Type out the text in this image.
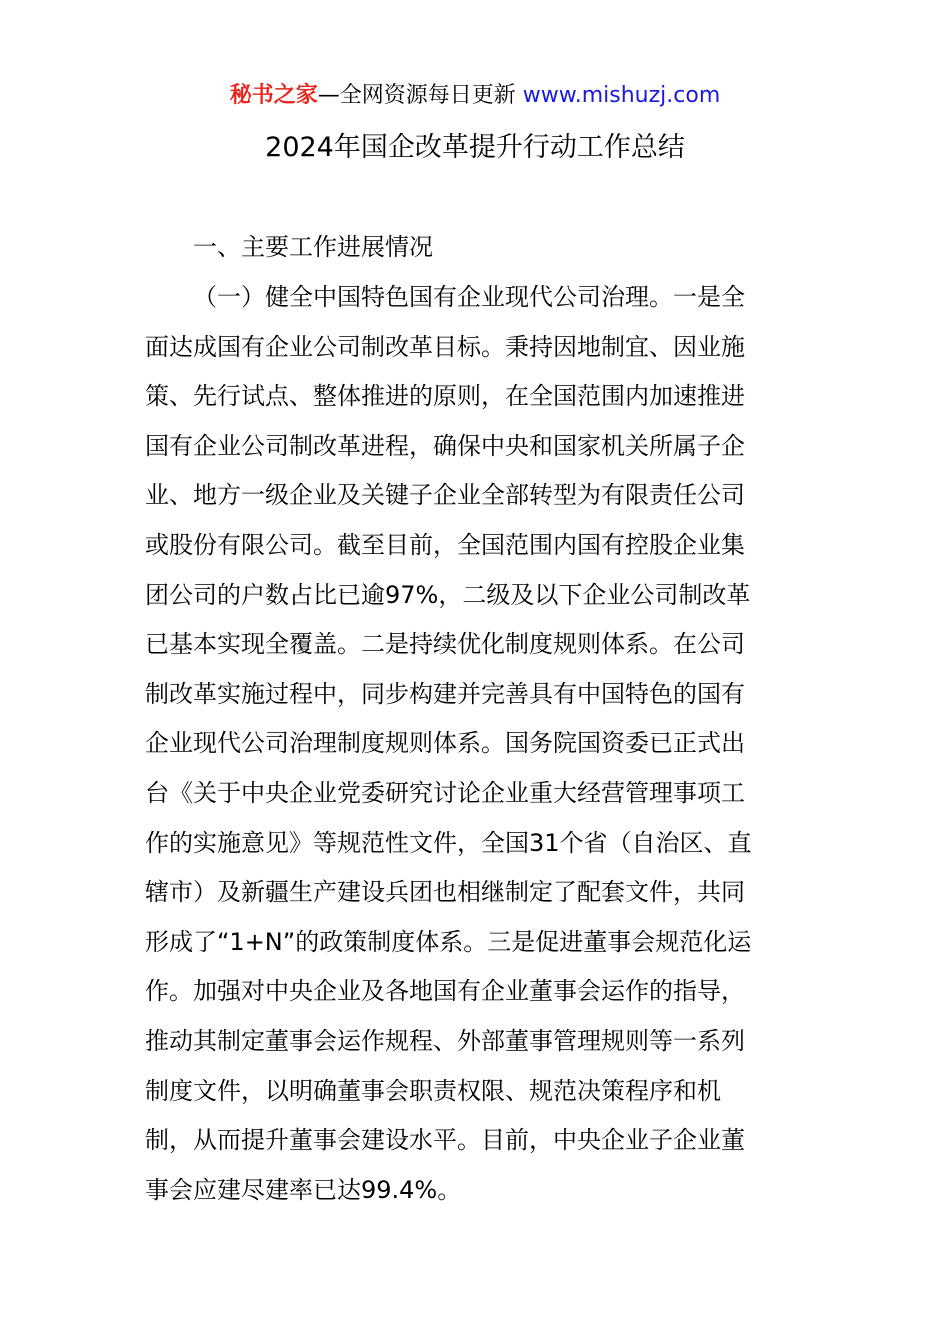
秘书之家—全网资源每日更新 www.mishuzj.com
2024年国企改革提升行动工作总结
一、主要工作进展情况
（一）健全中国特色国有企业现代公司治理。一是全
面达成国有企业公司制改革目标。秉持因地制宜、因业施
策、先行试点、整体推进的原则，在全国范围内加速推进
国有企业公司制改革进程，确保中央和国家机关所属子企
业、地方一级企业及关键子企业全部转型为有限责任公司
或股份有限公司。截至目前，全国范围内国有控股企业集
团公司的户数占比已逾97%，二级及以下企业公司制改革
已基本实现全覆盖。二是持续优化制度规则体系。在公司
制改革实施过程中，同步构建并完善具有中国特色的国有
企业现代公司治理制度规则体系。国务院国资委已正式出
台《关于中央企业党委研究讨论企业重大经营管理事项工
作的实施意见》等规范性文件，全国31个省（自治区、直
辖市）及新疆生产建设兵团也相继制定了配套文件，共同
形成了“1+N”的政策制度体系。三是促进董事会规范化运
作。加强对中央企业及各地国有企业董事会运作的指导，
推动其制定董事会运作规程、外部董事管理规则等一系列
制度文件，以明确董事会职责权限、规范决策程序和机
制，从而提升董事会建设水平。目前，中央企业子企业董
事会应建尽建率已达99.4%。
